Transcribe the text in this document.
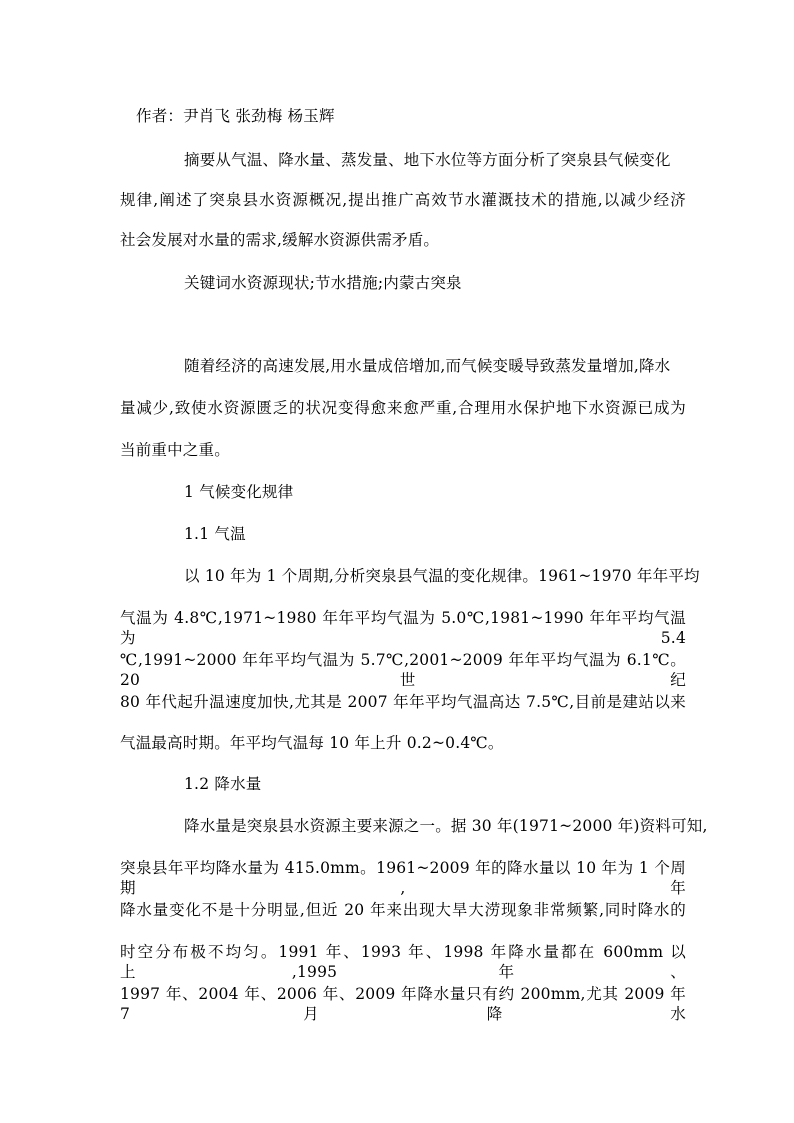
作者：尹肖飞 张劲梅 杨玉辉
摘要从气温、降水量、蒸发量、地下水位等方面分析了突泉县气候变化
规律,阐述了突泉县水资源概况,提出推广高效节水灌溉技术的措施,以减少经济
社会发展对水量的需求,缓解水资源供需矛盾。
关键词水资源现状;节水措施;内蒙古突泉
随着经济的高速发展,用水量成倍增加,而气候变暖导致蒸发量增加,降水
量减少,致使水资源匮乏的状况变得愈来愈严重,合理用水保护地下水资源已成为
当前重中之重。
1 气候变化规律
1.1 气温
以 10 年为 1 个周期,分析突泉县气温的变化规律。1961~1970 年年平均
气温为 4.8℃,1971~1980 年年平均气温为 5.0℃,1981~1990 年年平均气温为 5.4
℃,1991~2000 年年平均气温为 5.7℃,2001~2009 年年平均气温为 6.1℃。20 世纪
80 年代起升温速度加快,尤其是 2007 年年平均气温高达 7.5℃,目前是建站以来
气温最高时期。年平均气温每 10 年上升 0.2~0.4℃。
1.2 降水量
降水量是突泉县水资源主要来源之一。据 30 年(1971~2000 年)资料可知,
突泉县年平均降水量为 415.0mm。1961~2009 年的降水量以 10 年为 1 个周期,年
降水量变化不是十分明显,但近 20 年来出现大旱大涝现象非常频繁,同时降水的
时空分布极不均匀。1991 年、1993 年、1998 年降水量都在 600mm 以上,1995 年、
1997 年、2004 年、2006 年、2009 年降水量只有约 200mm,尤其 2009 年 7 月降水
